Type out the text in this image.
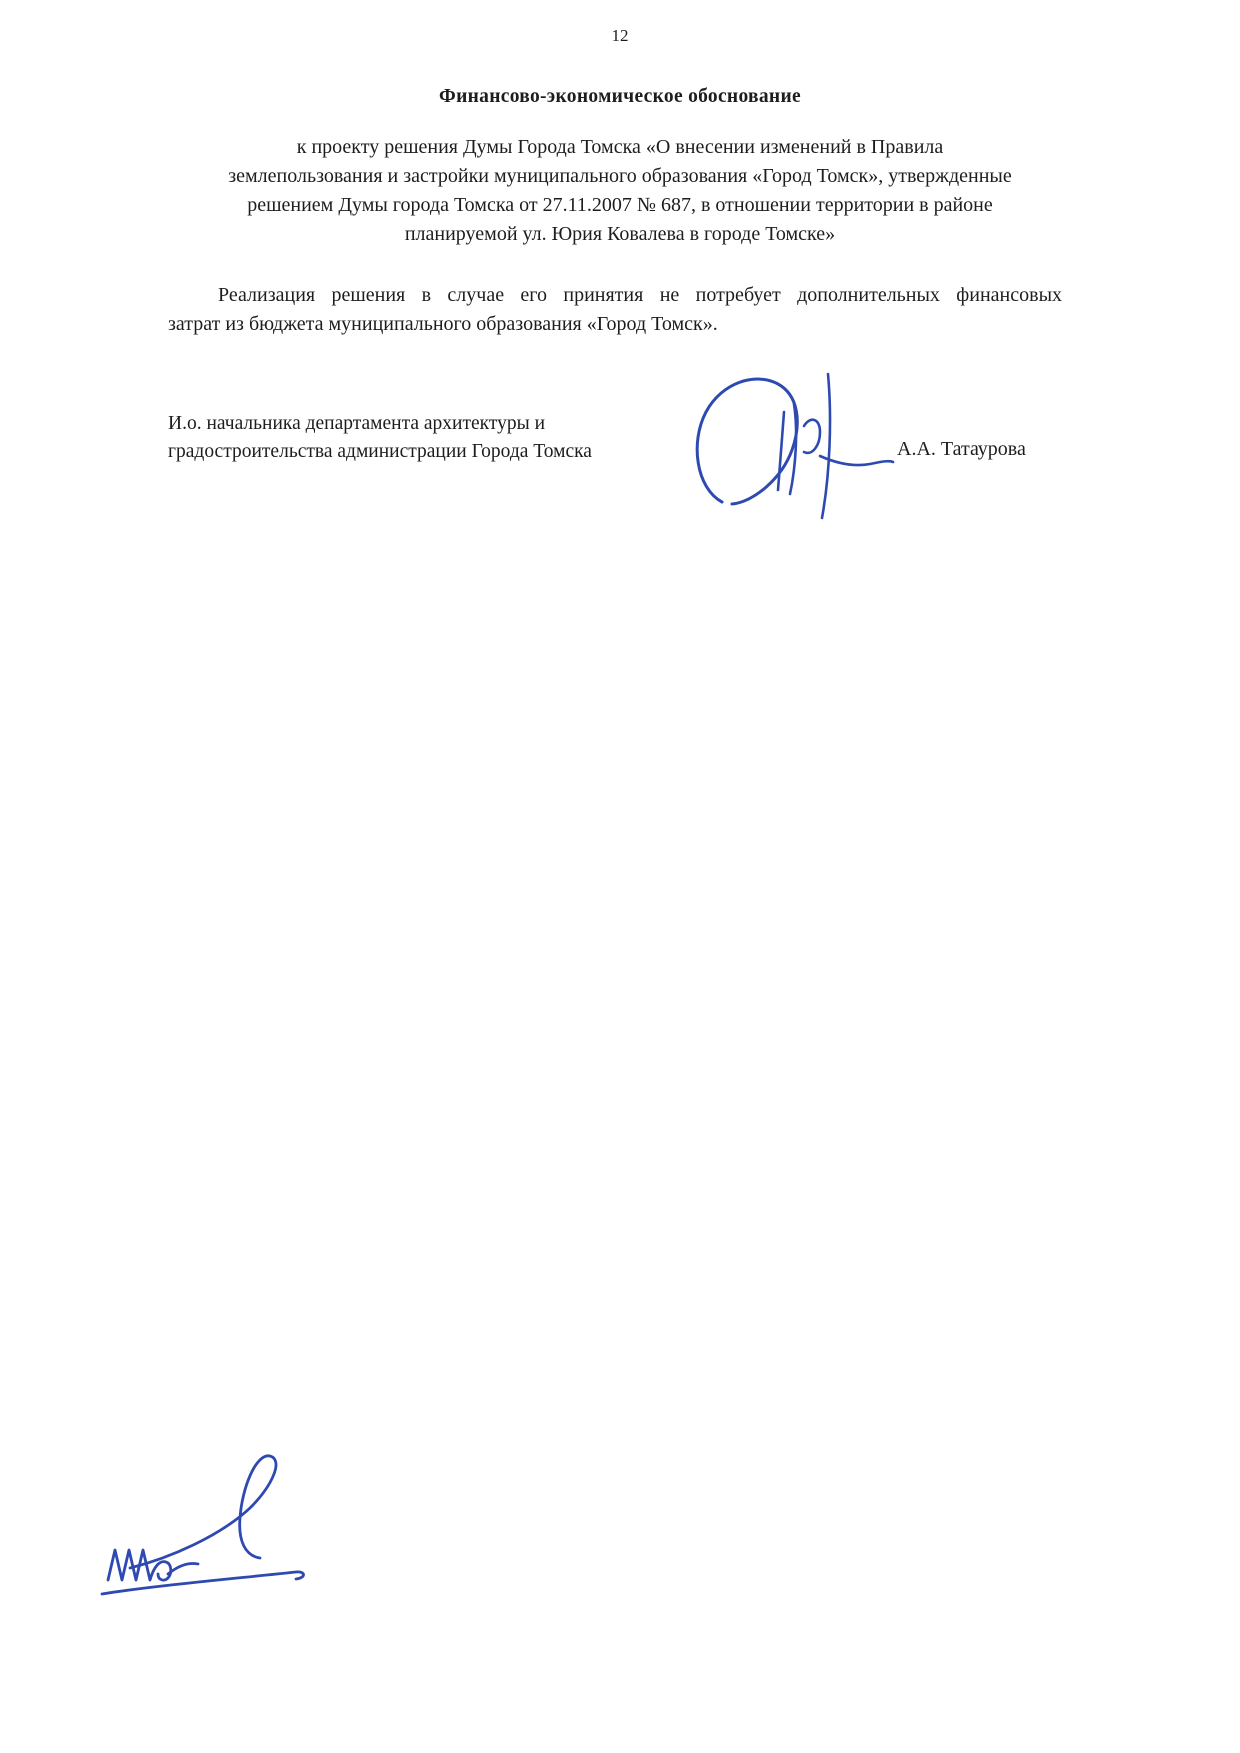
12
Финансово-экономическое обоснование
к проекту решения Думы Города Томска «О внесении изменений в Правила
землепользования и застройки муниципального образования «Город Томск», утвержденные
решением Думы города Томска от 27.11.2007 № 687, в отношении территории в районе
планируемой ул. Юрия Ковалева в городе Томске»
Реализация решения в случае его принятия не потребует дополнительных финансовых
затрат из бюджета муниципального образования «Город Томск».
И.о. начальника департамента архитектуры и
градостроительства администрации Города Томска	А.А. Татаурова
